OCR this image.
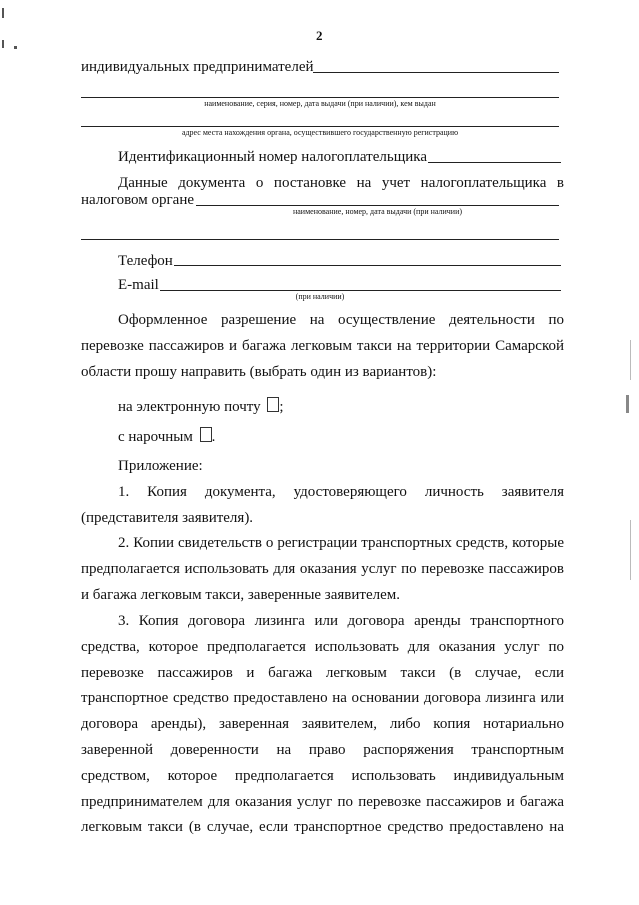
2
индивидуальных предпринимателей
наименование, серия, номер, дата выдачи (при наличии), кем выдан
адрес места нахождения органа, осуществившего государственную регистрацию
Идентификационный номер налогоплательщика
Данные документа о постановке на учет налогоплательщика в
налоговом органе
наименование, номер, дата выдачи (при наличии)
Телефон
E-mail
(при наличии)
Оформленное разрешение на осуществление деятельности по перевозке пассажиров и багажа легковым такси на территории Самарской области прошу направить (выбрать один из вариантов):
на электронную почту ;
с нарочным .
Приложение:
1. Копия документа, удостоверяющего личность заявителя (представителя заявителя).
2. Копии свидетельств о регистрации транспортных средств, которые предполагается использовать для оказания услуг по перевозке пассажиров и багажа легковым такси, заверенные заявителем.
3. Копия договора лизинга или договора аренды транспортного средства, которое предполагается использовать для оказания услуг по перевозке пассажиров и багажа легковым такси (в случае, если транспортное средство предоставлено на основании договора лизинга или договора аренды), заверенная заявителем, либо копия нотариально заверенной доверенности на право распоряжения транспортным средством, которое предполагается использовать индивидуальным предпринимателем для оказания услуг по перевозке пассажиров и багажа легковым такси (в случае, если транспортное средство предоставлено на
